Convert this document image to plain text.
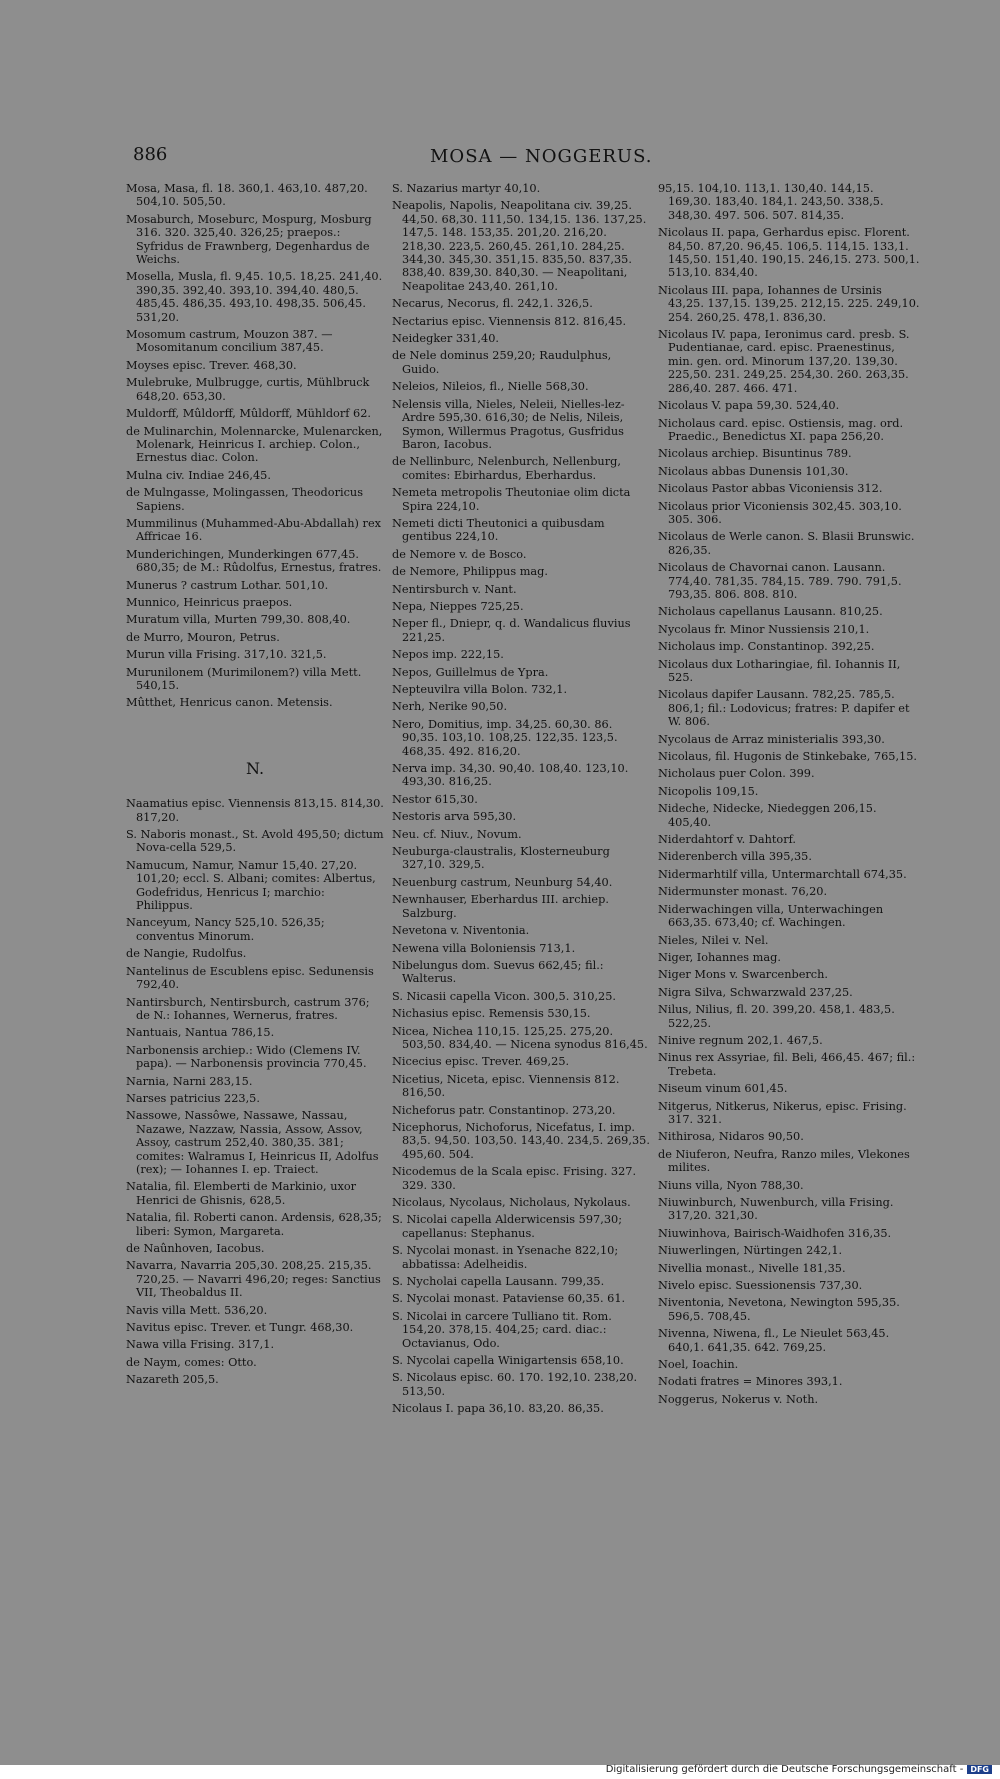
886	MOSA — NOGGERUS.
Mosa, Masa, fl. 18. 360,1. 463,10. 487,20. 504,10. 505,50.
Mosaburch, Moseburc, Mospurg, Mosburg 316. 320. 325,40. 326,25; praepos.: Syfridus de Frawnberg, Degenhardus de Weichs.
Mosella, Musla, fl. 9,45. 10,5. 18,25. 241,40. 390,35. 392,40. 393,10. 394,40. 480,5. 485,45. 486,35. 493,10. 498,35. 506,45. 531,20.
Mosomum castrum, Mouzon 387. — Mosomitanum concilium 387,45.
Moyses episc. Trever. 468,30.
Mulebruke, Mulbrugge, curtis, Mühlbruck 648,20. 653,30.
Muldorff, Mûldorff, Mûldorff, Mühldorf 62.
de Mulinarchin, Molennarcke, Mulenarcken, Molenark, Heinricus I. archiep. Colon., Ernestus diac. Colon.
Mulna civ. Indiae 246,45.
de Mulngasse, Molingassen, Theodoricus Sapiens.
Mummilinus (Muhammed-Abu-Abdallah) rex Affricae 16.
Munderichingen, Munderkingen 677,45. 680,35; de M.: Rûdolfus, Ernestus, fratres.
Munerus ? castrum Lothar. 501,10.
Munnico, Heinricus praepos.
Muratum villa, Murten 799,30. 808,40.
de Murro, Mouron, Petrus.
Murun villa Frising. 317,10. 321,5.
Murunilonem (Murimilonem?) villa Mett. 540,15.
Mûtthet, Henricus canon. Metensis.
N.
Naamatius episc. Viennensis 813,15. 814,30. 817,20.
S. Naboris monast., St. Avold 495,50; dictum Nova-cella 529,5.
Namucum, Namur, Namur 15,40. 27,20. 101,20; eccl. S. Albani; comites: Albertus, Godefridus, Henricus I; marchio: Philippus.
Nanceyum, Nancy 525,10. 526,35; conventus Minorum.
de Nangie, Rudolfus.
Nantelinus de Escublens episc. Sedunensis 792,40.
Nantirsburch, Nentirsburch, castrum 376; de N.: Iohannes, Wernerus, fratres.
Nantuais, Nantua 786,15.
Narbonensis archiep.: Wido (Clemens IV. papa). — Narbonensis provincia 770,45.
Narnia, Narni 283,15.
Narses patricius 223,5.
Nassowe, Nassôwe, Nassawe, Nassau, Nazawe, Nazzaw, Nassia, Assow, Assov, Assoy, castrum 252,40. 380,35. 381; comites: Walramus I, Heinricus II, Adolfus (rex); — Iohannes I. ep. Traiect.
Natalia, fil. Elemberti de Markinio, uxor Henrici de Ghisnis, 628,5.
Natalia, fil. Roberti canon. Ardensis, 628,35; liberi: Symon, Margareta.
de Naûnhoven, Iacobus.
Navarra, Navarria 205,30. 208,25. 215,35. 720,25. — Navarri 496,20; reges: Sanctius VII, Theobaldus II.
Navis villa Mett. 536,20.
Navitus episc. Trever. et Tungr. 468,30.
Nawa villa Frising. 317,1.
de Naym, comes: Otto.
Nazareth 205,5.
S. Nazarius martyr 40,10.
Neapolis, Napolis, Neapolitana civ. 39,25. 44,50. 68,30. 111,50. 134,15. 136. 137,25. 147,5. 148. 153,35. 201,20. 216,20. 218,30. 223,5. 260,45. 261,10. 284,25. 344,30. 345,30. 351,15. 835,50. 837,35. 838,40. 839,30. 840,30. — Neapolitani, Neapolitae 243,40. 261,10.
Necarus, Necorus, fl. 242,1. 326,5.
Nectarius episc. Viennensis 812. 816,45.
Neidegker 331,40.
de Nele dominus 259,20; Raudulphus, Guido.
Neleios, Nileios, fl., Nielle 568,30.
Nelensis villa, Nieles, Neleii, Nielles-lez-Ardre 595,30. 616,30; de Nelis, Nileis, Symon, Willermus Pragotus, Gusfridus Baron, Iacobus.
de Nellinburc, Nelenburch, Nellenburg, comites: Ebirhardus, Eberhardus.
Nemeta metropolis Theutoniae olim dicta Spira 224,10.
Nemeti dicti Theutonici a quibusdam gentibus 224,10.
de Nemore v. de Bosco.
de Nemore, Philippus mag.
Nentirsburch v. Nant.
Nepa, Nieppes 725,25.
Neper fl., Dniepr, q. d. Wandalicus fluvius 221,25.
Nepos imp. 222,15.
Nepos, Guillelmus de Ypra.
Nepteuvilra villa Bolon. 732,1.
Nerh, Nerike 90,50.
Nero, Domitius, imp. 34,25. 60,30. 86. 90,35. 103,10. 108,25. 122,35. 123,5. 468,35. 492. 816,20.
Nerva imp. 34,30. 90,40. 108,40. 123,10. 493,30. 816,25.
Nestor 615,30.
Nestoris arva 595,30.
Neu. cf. Niuv., Novum.
Neuburga-claustralis, Klosterneuburg 327,10. 329,5.
Neuenburg castrum, Neunburg 54,40.
Newnhauser, Eberhardus III. archiep. Salzburg.
Nevetona v. Niventonia.
Newena villa Boloniensis 713,1.
Nibelungus dom. Suevus 662,45; fil.: Walterus.
S. Nicasii capella Vicon. 300,5. 310,25.
Nichasius episc. Remensis 530,15.
Nicea, Nichea 110,15. 125,25. 275,20. 503,50. 834,40. — Nicena synodus 816,45.
Nicecius episc. Trever. 469,25.
Nicetius, Niceta, episc. Viennensis 812. 816,50.
Nicheforus patr. Constantinop. 273,20.
Nicephorus, Nichoforus, Nicefatus, I. imp. 83,5. 94,50. 103,50. 143,40. 234,5. 269,35. 495,60. 504.
Nicodemus de la Scala episc. Frising. 327. 329. 330.
Nicolaus, Nycolaus, Nicholaus, Nykolaus.
S. Nicolai capella Alderwicensis 597,30; capellanus: Stephanus.
S. Nycolai monast. in Ysenache 822,10; abbatissa: Adelheidis.
S. Nycholai capella Lausann. 799,35.
S. Nycolai monast. Pataviense 60,35. 61.
S. Nicolai in carcere Tulliano tit. Rom. 154,20. 378,15. 404,25; card. diac.: Octavianus, Odo.
S. Nycolai capella Winigartensis 658,10.
S. Nicolaus episc. 60. 170. 192,10. 238,20. 513,50.
Nicolaus I. papa 36,10. 83,20. 86,35.
95,15. 104,10. 113,1. 130,40. 144,15. 169,30. 183,40. 184,1. 243,50. 338,5. 348,30. 497. 506. 507. 814,35.
Nicolaus II. papa, Gerhardus episc. Florent. 84,50. 87,20. 96,45. 106,5. 114,15. 133,1. 145,50. 151,40. 190,15. 246,15. 273. 500,1. 513,10. 834,40.
Nicolaus III. papa, Iohannes de Ursinis 43,25. 137,15. 139,25. 212,15. 225. 249,10. 254. 260,25. 478,1. 836,30.
Nicolaus IV. papa, Ieronimus card. presb. S. Pudentianae, card. episc. Praenestinus, min. gen. ord. Minorum 137,20. 139,30. 225,50. 231. 249,25. 254,30. 260. 263,35. 286,40. 287. 466. 471.
Nicolaus V. papa 59,30. 524,40.
Nicholaus card. episc. Ostiensis, mag. ord. Praedic., Benedictus XI. papa 256,20.
Nicolaus archiep. Bisuntinus 789.
Nicolaus abbas Dunensis 101,30.
Nicolaus Pastor abbas Viconiensis 312.
Nicolaus prior Viconiensis 302,45. 303,10. 305. 306.
Nicolaus de Werle canon. S. Blasii Brunswic. 826,35.
Nicolaus de Chavornai canon. Lausann. 774,40. 781,35. 784,15. 789. 790. 791,5. 793,35. 806. 808. 810.
Nicholaus capellanus Lausann. 810,25.
Nycolaus fr. Minor Nussiensis 210,1.
Nicholaus imp. Constantinop. 392,25.
Nicolaus dux Lotharingiae, fil. Iohannis II, 525.
Nicolaus dapifer Lausann. 782,25. 785,5. 806,1; fil.: Lodovicus; fratres: P. dapifer et W. 806.
Nycolaus de Arraz ministerialis 393,30.
Nicolaus, fil. Hugonis de Stinkebake, 765,15.
Nicholaus puer Colon. 399.
Nicopolis 109,15.
Nideche, Nidecke, Niedeggen 206,15. 405,40.
Niderdahtorf v. Dahtorf.
Niderenberch villa 395,35.
Nidermarhtilf villa, Untermarchtall 674,35.
Nidermunster monast. 76,20.
Niderwachingen villa, Unterwachingen 663,35. 673,40; cf. Wachingen.
Nieles, Nilei v. Nel.
Niger, Iohannes mag.
Niger Mons v. Swarcenberch.
Nigra Silva, Schwarzwald 237,25.
Nilus, Nilius, fl. 20. 399,20. 458,1. 483,5. 522,25.
Ninive regnum 202,1. 467,5.
Ninus rex Assyriae, fil. Beli, 466,45. 467; fil.: Trebeta.
Niseum vinum 601,45.
Nitgerus, Nitkerus, Nikerus, episc. Frising. 317. 321.
Nithirosa, Nidaros 90,50.
de Niuferon, Neufra, Ranzo miles, Vlekones milites.
Niuns villa, Nyon 788,30.
Niuwinburch, Nuwenburch, villa Frising. 317,20. 321,30.
Niuwinhova, Bairisch-Waidhofen 316,35.
Niuwerlingen, Nürtingen 242,1.
Nivellia monast., Nivelle 181,35.
Nivelo episc. Suessionensis 737,30.
Niventonia, Nevetona, Newington 595,35. 596,5. 708,45.
Nivenna, Niwena, fl., Le Nieulet 563,45. 640,1. 641,35. 642. 769,25.
Noel, Ioachin.
Nodati fratres = Minores 393,1.
Noggerus, Nokerus v. Noth.
Digitalisierung gefördert durch die Deutsche Forschungsgemeinschaft - DFG
